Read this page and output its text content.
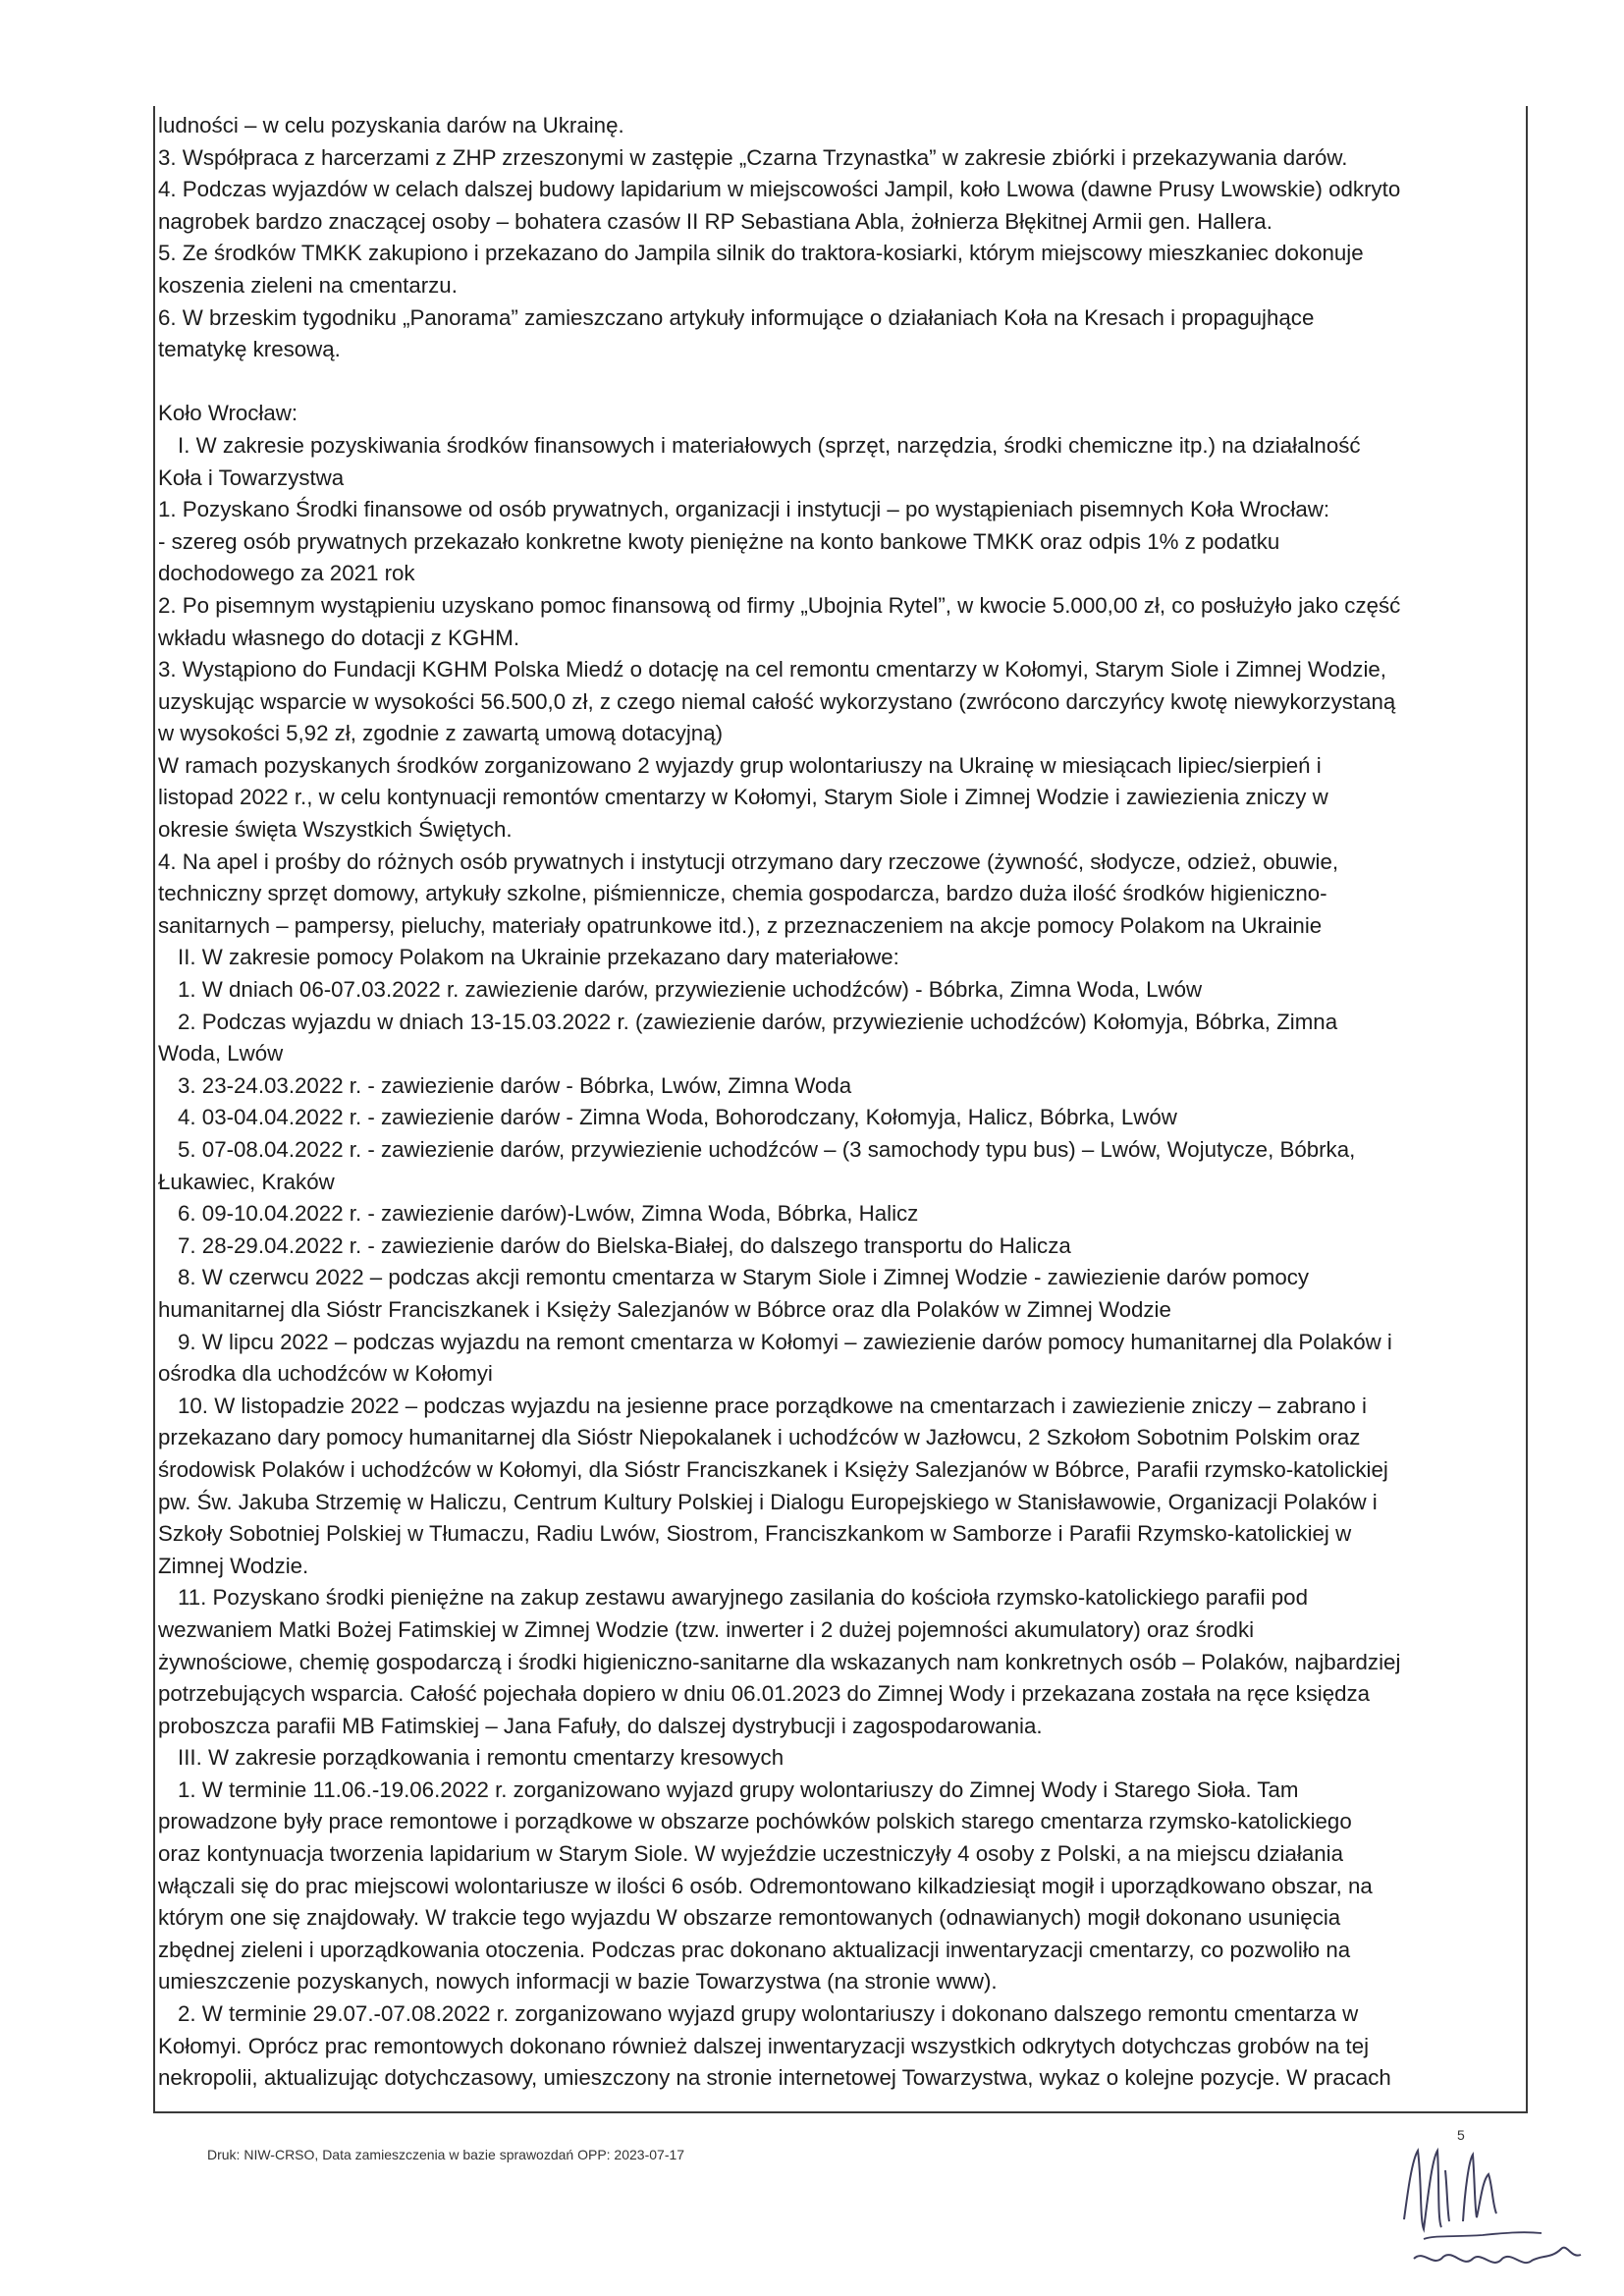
ludności – w celu pozyskania darów na Ukrainę.

3. Współpraca z harcerzami z ZHP zrzeszonymi w zastępie „Czarna Trzynastka” w zakresie zbiórki i przekazywania darów.

4. Podczas wyjazdów w celach dalszej budowy lapidarium w miejscowości Jampil, koło Lwowa (dawne Prusy Lwowskie) odkryto

nagrobek bardzo znaczącej osoby – bohatera czasów II RP Sebastiana Abla, żołnierza Błękitnej Armii gen. Hallera.

5. Ze środków TMKK zakupiono i przekazano do Jampila silnik do traktora-kosiarki, którym miejscowy mieszkaniec dokonuje

koszenia zieleni na cmentarzu.

6. W brzeskim tygodniku „Panorama” zamieszczano artykuły informujące o działaniach Koła na Kresach i propagujhące

tematykę kresową.

Koło Wrocław:

I. W zakresie pozyskiwania środków finansowych i materiałowych (sprzęt, narzędzia, środki chemiczne itp.) na działalność

Koła i Towarzystwa

1. Pozyskano Środki finansowe od osób prywatnych, organizacji i instytucji – po wystąpieniach pisemnych Koła Wrocław:

- szereg osób prywatnych przekazało konkretne kwoty pieniężne na konto bankowe TMKK oraz odpis 1% z podatku

dochodowego za 2021 rok

2. Po pisemnym wystąpieniu uzyskano pomoc finansową od firmy „Ubojnia Rytel”, w kwocie 5.000,00 zł, co posłużyło jako część

wkładu własnego do dotacji z KGHM.

3. Wystąpiono do Fundacji KGHM Polska Miedź o dotację na cel remontu cmentarzy w Kołomyi, Starym Siole i Zimnej Wodzie,

uzyskując wsparcie w wysokości 56.500,0 zł, z czego niemal całość wykorzystano (zwrócono darczyńcy kwotę niewykorzystaną

w wysokości 5,92 zł, zgodnie z zawartą umową dotacyjną)

W ramach pozyskanych środków zorganizowano 2 wyjazdy grup wolontariuszy na Ukrainę w miesiącach lipiec/sierpień i

listopad 2022 r., w celu kontynuacji remontów cmentarzy w Kołomyi, Starym Siole i Zimnej Wodzie i zawiezienia zniczy w

okresie święta Wszystkich Świętych.

4. Na apel i prośby do różnych osób prywatnych i instytucji otrzymano dary rzeczowe (żywność, słodycze, odzież, obuwie,

techniczny sprzęt domowy, artykuły szkolne, piśmiennicze, chemia gospodarcza, bardzo duża ilość środków higieniczno-

sanitarnych – pampersy, pieluchy, materiały opatrunkowe itd.), z przeznaczeniem na akcje pomocy Polakom na Ukrainie

II. W zakresie pomocy Polakom na Ukrainie przekazano dary materiałowe:

1. W dniach 06-07.03.2022 r. zawiezienie darów, przywiezienie uchodźców) - Bóbrka, Zimna Woda, Lwów

2. Podczas wyjazdu w dniach 13-15.03.2022 r. (zawiezienie darów, przywiezienie uchodźców) Kołomyja, Bóbrka, Zimna

Woda, Lwów

3. 23-24.03.2022 r. - zawiezienie darów - Bóbrka, Lwów, Zimna Woda

4. 03-04.04.2022 r. - zawiezienie darów - Zimna Woda, Bohorodczany, Kołomyja, Halicz, Bóbrka, Lwów

5. 07-08.04.2022 r. - zawiezienie darów, przywiezienie uchodźców – (3 samochody typu bus) – Lwów, Wojutycze, Bóbrka,

Łukawiec, Kraków

6. 09-10.04.2022 r. - zawiezienie darów)-Lwów, Zimna Woda, Bóbrka, Halicz

7. 28-29.04.2022 r. - zawiezienie darów do Bielska-Białej, do dalszego transportu do Halicza

8. W czerwcu 2022 – podczas akcji remontu cmentarza w Starym Siole i Zimnej Wodzie - zawiezienie darów pomocy

humanitarnej dla Sióstr Franciszkanek i Księży Salezjanów w Bóbrce oraz dla Polaków w Zimnej Wodzie

9. W lipcu 2022 – podczas wyjazdu na remont cmentarza w Kołomyi – zawiezienie darów pomocy humanitarnej dla Polaków i

ośrodka dla uchodźców w Kołomyi

10. W listopadzie 2022 – podczas wyjazdu na jesienne prace porządkowe na cmentarzach i zawiezienie zniczy – zabrano i

przekazano dary pomocy humanitarnej dla Sióstr Niepokalanek i uchodźców w Jazłowcu, 2 Szkołom Sobotnim Polskim oraz

środowisk Polaków i uchodźców w Kołomyi, dla Sióstr Franciszkanek i Księży Salezjanów w Bóbrce, Parafii rzymsko-katolickiej

pw. Św. Jakuba Strzemię w Haliczu, Centrum Kultury Polskiej i Dialogu Europejskiego w Stanisławowie, Organizacji Polaków i

Szkoły Sobotniej Polskiej w Tłumaczu, Radiu Lwów, Siostrom, Franciszkankom w Samborze i Parafii Rzymsko-katolickiej w

Zimnej Wodzie.

11. Pozyskano środki pieniężne na zakup zestawu awaryjnego zasilania do kościoła rzymsko-katolickiego parafii pod

wezwaniem Matki Bożej Fatimskiej w Zimnej Wodzie (tzw. inwerter i 2 dużej pojemności akumulatory) oraz środki

żywnościowe, chemię gospodarczą i środki higieniczno-sanitarne dla wskazanych nam konkretnych osób – Polaków, najbardziej

potrzebujących wsparcia. Całość pojechała dopiero w dniu 06.01.2023 do Zimnej Wody i przekazana została na ręce księdza

proboszcza parafii MB Fatimskiej – Jana Fafuły, do dalszej dystrybucji i zagospodarowania.

III. W zakresie porządkowania i remontu cmentarzy kresowych

1. W terminie 11.06.-19.06.2022 r. zorganizowano wyjazd grupy wolontariuszy do Zimnej Wody i Starego Sioła. Tam

prowadzone były prace remontowe i porządkowe w obszarze pochówków polskich starego cmentarza rzymsko-katolickiego

oraz kontynuacja tworzenia lapidarium w Starym Siole. W wyjeździe uczestniczyły 4 osoby z Polski, a na miejscu działania

włączali się do prac miejscowi wolontariusze w ilości 6 osób. Odremontowano kilkadziesiąt mogił i uporządkowano obszar, na

którym one się znajdowały. W trakcie tego wyjazdu W obszarze remontowanych (odnawianych) mogił dokonano usunięcia

zbędnej zieleni i uporządkowania otoczenia. Podczas prac dokonano aktualizacji inwentaryzacji cmentarzy, co pozwoliło na

umieszczenie pozyskanych, nowych informacji w bazie Towarzystwa (na stronie www).

2. W terminie 29.07.-07.08.2022 r. zorganizowano wyjazd grupy wolontariuszy i dokonano dalszego remontu cmentarza w

Kołomyi. Oprócz prac remontowych dokonano również dalszej inwentaryzacji wszystkich odkrytych dotychczas grobów na tej

nekropolii, aktualizując dotychczasowy, umieszczony na stronie internetowej Towarzystwa, wykaz o kolejne pozycje. W pracach

Druk: NIW-CRSO, Data zamieszczenia w bazie sprawozdań OPP: 2023-07-17
5
